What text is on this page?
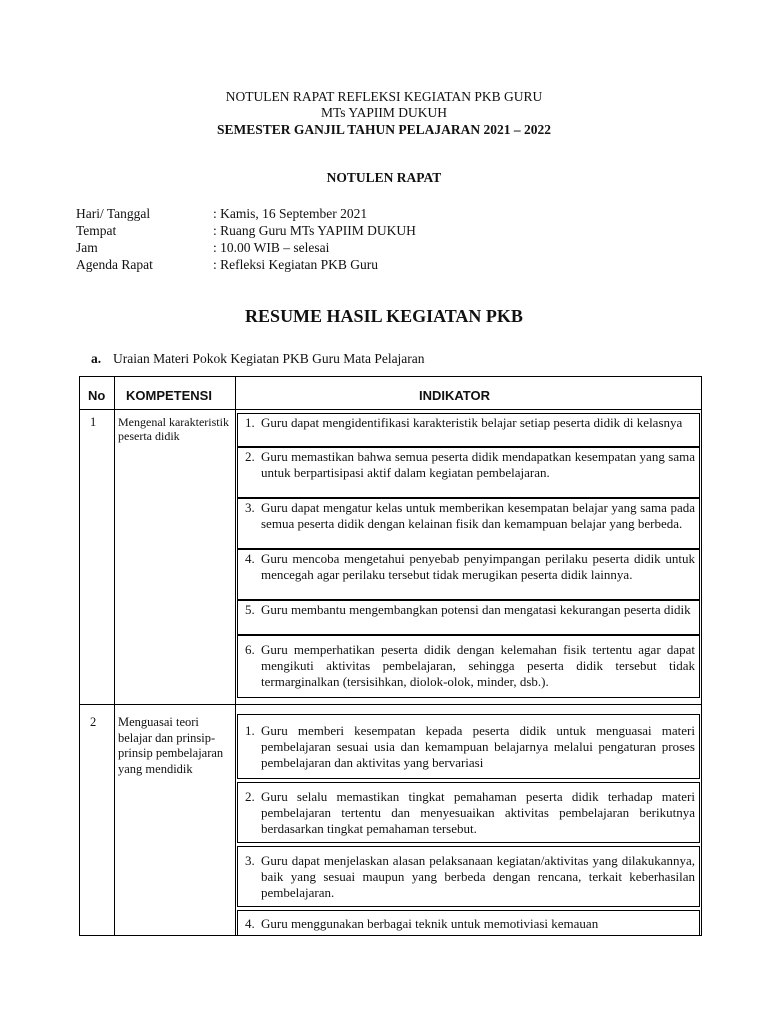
NOTULEN RAPAT REFLEKSI KEGIATAN PKB GURU
MTs YAPIIM DUKUH
SEMESTER GANJIL TAHUN PELAJARAN 2021 – 2022
NOTULEN RAPAT
Hari/ Tanggal	: Kamis, 16 September 2021
Tempat	: Ruang Guru MTs YAPIIM DUKUH
Jam	: 10.00 WIB – selesai
Agenda Rapat	: Refleksi Kegiatan PKB Guru
RESUME HASIL KEGIATAN PKB
a. Uraian Materi Pokok Kegiatan PKB Guru Mata Pelajaran
No KOMPETENSI	INDIKATOR
1 Mengenal karakteristik peserta didik
1. Guru dapat mengidentifikasi karakteristik belajar setiap peserta didik di kelasnya
2. Guru memastikan bahwa semua peserta didik mendapatkan kesempatan yang sama untuk berpartisipasi aktif dalam kegiatan pembelajaran.
3. Guru dapat mengatur kelas untuk memberikan kesempatan belajar yang sama pada semua peserta didik dengan kelainan fisik dan kemampuan belajar yang berbeda.
4. Guru mencoba mengetahui penyebab penyimpangan perilaku peserta didik untuk mencegah agar perilaku tersebut tidak merugikan peserta didik lainnya.
5. Guru membantu mengembangkan potensi dan mengatasi kekurangan peserta didik
6. Guru memperhatikan peserta didik dengan kelemahan fisik tertentu agar dapat mengikuti aktivitas pembelajaran, sehingga peserta didik tersebut tidak termarginalkan (tersisihkan, diolok-olok, minder, dsb.).
2 Menguasai teori belajar dan prinsip-prinsip pembelajaran yang mendidik
1. Guru memberi kesempatan kepada peserta didik untuk menguasai materi pembelajaran sesuai usia dan kemampuan belajarnya melalui pengaturan proses pembelajaran dan aktivitas yang bervariasi
2. Guru selalu memastikan tingkat pemahaman peserta didik terhadap materi pembelajaran tertentu dan menyesuaikan aktivitas pembelajaran berikutnya berdasarkan tingkat pemahaman tersebut.
3. Guru dapat menjelaskan alasan pelaksanaan kegiatan/aktivitas yang dilakukannya, baik yang sesuai maupun yang berbeda dengan rencana, terkait keberhasilan pembelajaran.
4. Guru menggunakan berbagai teknik untuk memotiviasi kemauan
